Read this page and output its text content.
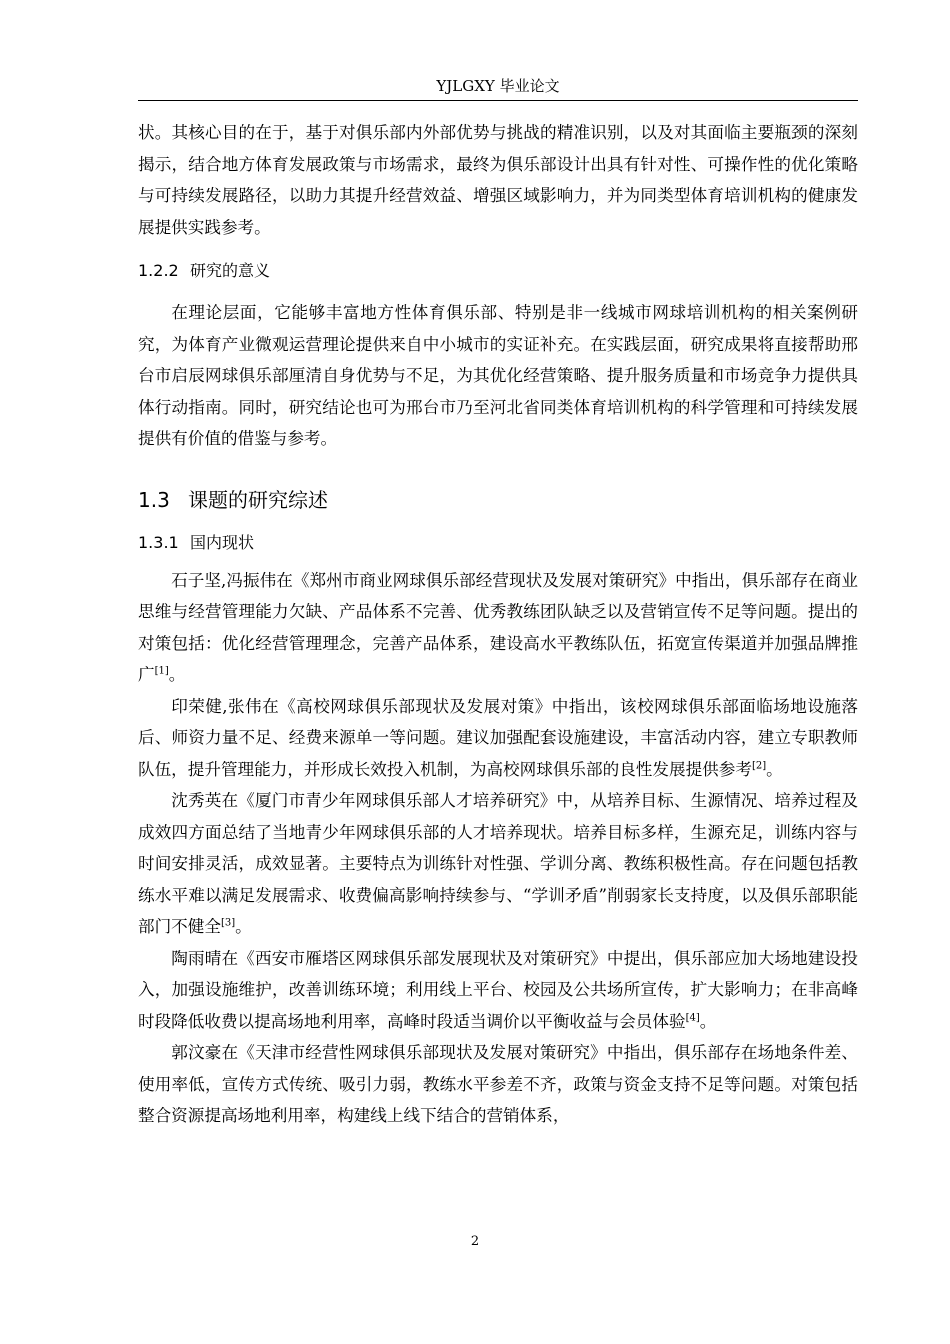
YJLGXY 毕业论文

状。其核心目的在于，基于对俱乐部内外部优势与挑战的精准识别，以及对其面临主要瓶颈的深刻揭示，结合地方体育发展政策与市场需求，最终为俱乐部设计出具有针对性、可操作性的优化策略与可持续发展路径，以助力其提升经营效益、增强区域影响力，并为同类型体育培训机构的健康发展提供实践参考。

1.2.2 研究的意义

在理论层面，它能够丰富地方性体育俱乐部、特别是非一线城市网球培训机构的相关案例研究，为体育产业微观运营理论提供来自中小城市的实证补充。在实践层面，研究成果将直接帮助邢台市启辰网球俱乐部厘清自身优势与不足，为其优化经营策略、提升服务质量和市场竞争力提供具体行动指南。同时，研究结论也可为邢台市乃至河北省同类体育培训机构的科学管理和可持续发展提供有价值的借鉴与参考。

1.3 课题的研究综述
1.3.1 国内现状

石子坚,冯振伟在《郑州市商业网球俱乐部经营现状及发展对策研究》中指出，俱乐部存在商业思维与经营管理能力欠缺、产品体系不完善、优秀教练团队缺乏以及营销宣传不足等问题。提出的对策包括：优化经营管理理念，完善产品体系，建设高水平教练队伍，拓宽宣传渠道并加强品牌推广[1]。

印荣健,张伟在《高校网球俱乐部现状及发展对策》中指出，该校网球俱乐部面临场地设施落后、师资力量不足、经费来源单一等问题。建议加强配套设施建设，丰富活动内容，建立专职教师队伍，提升管理能力，并形成长效投入机制，为高校网球俱乐部的良性发展提供参考[2]。

沈秀英在《厦门市青少年网球俱乐部人才培养研究》中，从培养目标、生源情况、培养过程及成效四方面总结了当地青少年网球俱乐部的人才培养现状。培养目标多样，生源充足，训练内容与时间安排灵活，成效显著。主要特点为训练针对性强、学训分离、教练积极性高。存在问题包括教练水平难以满足发展需求、收费偏高影响持续参与、“学训矛盾”削弱家长支持度，以及俱乐部职能部门不健全[3]。

陶雨晴在《西安市雁塔区网球俱乐部发展现状及对策研究》中提出，俱乐部应加大场地建设投入，加强设施维护，改善训练环境；利用线上平台、校园及公共场所宣传，扩大影响力；在非高峰时段降低收费以提高场地利用率，高峰时段适当调价以平衡收益与会员体验[4]。

郭汶豪在《天津市经营性网球俱乐部现状及发展对策研究》中指出，俱乐部存在场地条件差、使用率低，宣传方式传统、吸引力弱，教练水平参差不齐，政策与资金支持不足等问题。对策包括整合资源提高场地利用率，构建线上线下结合的营销体系，

2
